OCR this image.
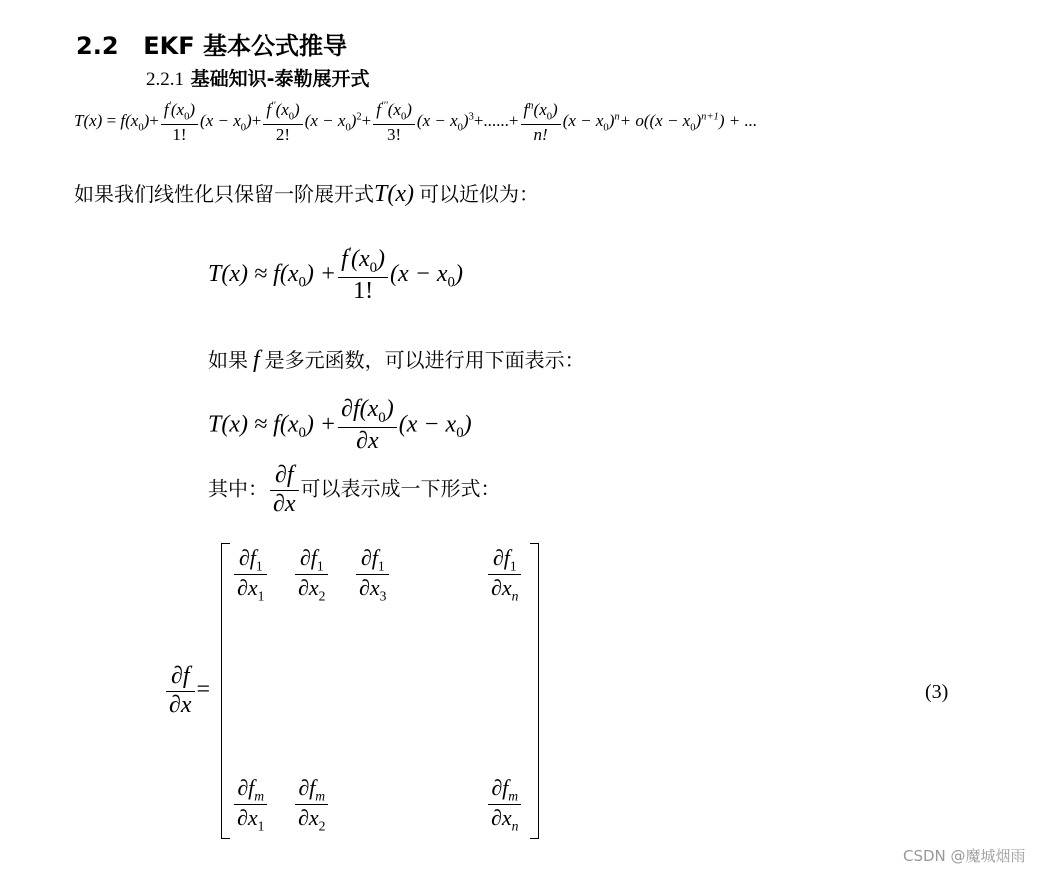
2.2 EKF 基本公式推导
2.2.1 基础知识-泰勒展开式
$T(x) = f(x_0)+ \frac{f'(x_0)}{1!} (x - x_0)+ \frac{f''(x_0)}{2!} (x - x_0)^2+ \frac{f'''(x_0)}{3!} (x - x_0)^3+......+ \frac{f^n(x_0)}{n!} (x - x_0)^n+ o((x - x_0)^{n+1})$ + ...
如果我们线性化只保留一阶展开式T(x) 可以近似为：
$T(x) \approx f(x_0) + \frac{f'(x_0)}{1!} (x - x_0)$
如果 f 是多元函数，可以进行用下面表示：
$T(x) \approx f(x_0) + \frac{\partial f(x_0)}{\partial x} (x - x_0)$
其中： $\frac{\partial f}{\partial x}$ 可以表示成一下形式：
$\frac{\partial f}{\partial x}$ =
$\frac{\partial f_1}{\partial x_1} \frac{\partial f_1}{\partial x_2} \frac{\partial f_1}{\partial x_3}$	$\frac{\partial f_1}{\partial x_n}$
$\frac{\partial f_m}{\partial x_1} \frac{\partial f_m}{\partial x_2}$	$\frac{\partial f_m}{\partial x_n}$
(3)
CSDN @魔城烟雨
